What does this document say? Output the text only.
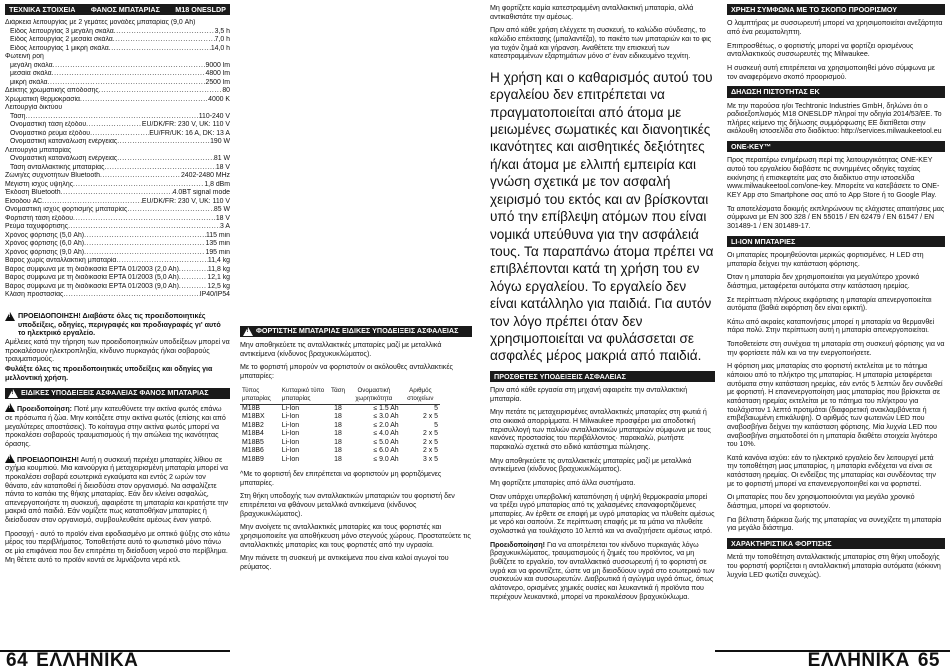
ΤΕΧΝΙΚΑ ΣΤΟΙΧΕΙΑ ΦΑΝΟΣ ΜΠΑΤΑΡΙΑΣ M18 ONESLDP
Διάρκεια λειτουργίας με 2 γεμάτες μονάδες μπαταρίας (9,0 Ah)
Είδος λειτουργίας 3 μεγάλη σκάλα .....	3,5 h
Είδος λειτουργίας 2 μεσαία σκάλα .....	7,0 h
Είδος λειτουργίας 1 μικρή σκάλα .....	14,0 h
Φωτεινή ροή
μεγάλη σκάλα .....	9000 lm
μεσαία σκάλα .....	4800 lm
μικρή σκάλα .....	2500 lm
Δείκτης χρωματικής απόδοσης .....	80
Χρωματική θερμοκρασία .....	4000 K
Λειτουργία δικτύου
Τάση .....	110-240 V
Ονομαστική τάση εξόδου .....	EU/DK/FR: 230 V, UK: 110 V
Ονομαστικό ρεύμα εξόδου .....	EU/FR/UK: 16 A, DK: 13 A
Ονομαστική κατανάλωση ενέργειας .....	190 W
Λειτουργία μπαταρίας
Ονομαστική κατανάλωση ενέργειας .....	81 W
Τάση ανταλλακτικής μπαταρίας .....	18 V
Ζώνη/ες συχνοτήτων Bluetooth .....	2402-2480 MHz
Μέγιστη ισχύς υψηλής .....	1,8 dBm
Έκδοση Bluetooth .....	4.0BT signal mode
Είσοδου AC .....	EU/DK/FR: 230 V, UK: 110 V
Ονομαστική ισχύς φορτισμής μπαταρίας .....	85 W
Φορτιστή τάση εξόδου .....	18 V
Ρεύμα ταχυφόρτισης .....	3 A
Χρόνος φόρτισης (5,0 Ah) .....	115 min
Χρόνος φόρτισης (6,0 Ah) .....	135 min
Χρόνος φόρτισης (9,0 Ah) .....	195 min
Βάρος χωρίς ανταλλακτική μπαταρία .....	11,4 kg
Βάρος σύμφωνα με τη διαδικασία EPTA 01/2003 (2,0 Ah) .....	11,8 kg
Βάρος σύμφωνα με τη διαδικασία EPTA 01/2003 (5,0 Ah) .....	12,1 kg
Βάρος σύμφωνα με τη διαδικασία EPTA 01/2003 (9,0 Ah) .....	12,5 kg
Κλάση προστασίας .....	IP40/IP54
!
ΠΡΟΕΙΔΟΠΟΙΗΣΗ! Διαβάστε όλες τις προειδοποιητικές υποδείξεις, οδηγίες, περιγραφές και προδιαγραφές γι' αυτό το ηλεκτρικό εργαλείο.

Αμέλειες κατά την τήρηση των προειδοποιητικών υποδείξεων μπορεί να προκαλέσουν ηλεκτροπληξία, κίνδυνο πυρκαγιάς ή/και σοβαρούς τραυματισμούς.

Φυλάξτε όλες τις προειδοποιητικές υποδείξεις και οδηγίες για μελλοντική χρήση.

!
ΕΙΔΙΚΕΣ ΥΠΟΔΕΙΞΕΙΣ ΑΣΦΑΛΕΙΑΣ ΦΑΝΟΣ ΜΠΑΤΑΡΙΑΣ

!Προειδοποίηση: Ποτέ μην κατευθύνετε την ακτίνα φωτός επάνω σε πρόσωπα ή ζώα. Μην κοιτάζετε στην ακτίνα φωτός (επίσης και από μεγαλύτερες αποστάσεις). Το κοίταγμα στην ακτίνα φωτός μπορεί να προκαλέσει σοβαρούς τραυματισμούς ή την απώλεια της ικανότητας όρασης.

!ΠΡΟΕΙΔΟΠΟΙΗΣΗ! Αυτή η συσκευή περιέχει μπαταρίες λίθιου σε σχήμα κουμπιού. Μια καινούργια ή μεταχειρισμένη μπαταρία μπορεί να προκαλέσει σοβαρά εσωτερικά εγκαύματα και εντός 2 ωρών τον θάνατο, εάν καταποθεί ή διεισδύσει στον οργανισμό. Να ασφαλίζετε πάντα το καπάκι της θήκης μπαταρίας. Εάν δεν κλείνει ασφαλώς, απενεργοποιήστε τη συσκευή, αφαιρέστε τη μπαταρία και κρατήστε την μακριά από παιδιά. Εάν νομίζετε πως καταποθήκαν μπαταρίες ή διείσδυσαν στον οργανισμό, συμβουλευθείτε αμέσως έναν γιατρό.

Προσοχή - αυτό το προϊόν είναι εφοδιασμένο με οπτικό ψύξης στο κάτω μέρος του περιβλήματος. Τοποθετήστε αυτό το φωτιστικό μόνο πάνω σε μία επιφάνεια που δεν επιτρέπει τη διείσδυση νερού στο περίβλημα. Μη θέτετε αυτό το προϊόν κοντά σε λιμνάζοντα νερά κτλ.

!
ΦΟΡΤΙΣΤΗΣ ΜΠΑΤΑΡΙΑΣ ΕΙΔΙΚΕΣ ΥΠΟΔΕΙΞΕΙΣ ΑΣΦΑΛΕΙΑΣ

Μην αποθηκεύετε τις ανταλλακτικές μπαταρίες μαζί με μεταλλικά αντικείμενα (κίνδυνος βραχυκυκλώματος).

Με το φορτιστή μπορούν να φορτιστούν οι ακόλουθες ανταλλακτικές μπαταρίες:

Τύπος μπαταρίας	Κυτταρικό τύπο μπαταρίας	Τάση	Ονομαστική χωρητικότητα	Αριθμός στοιχείων
M18B	Li-Ion	18	≤ 1.5 Ah	5
M18BX	Li-Ion	18	≤ 3.0 Ah	2 x 5
M18B2	Li-Ion	18	≤ 2.0 Ah	5
M18B4	Li-Ion	18	≤ 4.0 Ah	2 x 5
M18B5	Li-Ion	18	≤ 5.0 Ah	2 x 5
M18B6	Li-Ion	18	≤ 6.0 Ah	2 x 5
M18B9	Li-Ion	18	≤ 9.0 Ah	3 x 5

^Με το φορτιστή δεν επιτρέπεται να φορτιστούν μη φορτιζόμενες μπαταρίες.

Στη θήκη υποδοχής των ανταλλακτικών μπαταριών του φορτιστή δεν επιτρέπεται να φθάνουν μεταλλικά αντικείμενα (κίνδυνος βραχυκυκλώματος).

Μην ανοίγετε τις ανταλλακτικές μπαταρίες και τους φορτιστές και χρησιμοποιείτε για αποθήκευση μόνο στεγνούς χώρους. Προστατεύετε τις ανταλλακτικές μπαταρίες και τους φορτιστές από την υγρασία.

Μην πιάνετε τη συσκευή με αντικείμενα που είναι καλοί αγωγοί του ρεύματος.

Μη φορτίζετε καμία κατεστραμμένη ανταλλακτική μπαταρία, αλλά αντικαθιστάτε την αμέσως.

Πριν από κάθε χρήση ελέγχετε τη συσκευή, το καλώδιο σύνδεσης, το καλώδιο επέκτασης (μπαλαντέζα), το πακέτο των μπαταριών και το φις για τυχόν ζημιά και γήρανση. Αναθέτετε την επισκευή των κατεστραμμένων εξαρτημάτων μόνο σ' έναν ειδικευμένο τεχνίτη.

Η χρήση και ο καθαρισμός αυτού του εργαλείου δεν επιτρέπεται να πραγματοποιείται από άτομα με μειωμένες σωματικές και διανοητικές ικανότητες και αισθητικές δεξιότητες ή/και άτομα με ελλιπή εμπειρία και γνώση σχετικά με τον ασφαλή χειρισμό του εκτός και αν βρίσκονται υπό την επίβλεψη ατόμων που είναι νομικά υπεύθυνα για την ασφάλειά τους. Τα παραπάνω άτομα πρέπει να επιβλέπονται κατά τη χρήση του εν λόγω εργαλείου. Το εργαλείο δεν είναι κατάλληλο για παιδιά. Για αυτόν τον λόγο πρέπει όταν δεν χρησιμοποιείται να φυλάσσεται σε ασφαλές μέρος μακριά από παιδιά.
ΠΡΟΣΘΕΤΕΣ ΥΠΟΔΕΙΞΕΙΣ ΑΣΦΑΛΕΙΑΣ

Πριν από κάθε εργασία στη μηχανή αφαιρείτε την ανταλλακτική μπαταρία.

Μην πετάτε τις μεταχειρισμένες ανταλλακτικές μπαταρίες στη φωτιά ή στα οικιακά απορρίμματα. Η Milwaukee προσφέρει μια αποδοτική περισυλλογή των παλιών ανταλλακτικών μπαταριών σύμφωνα με τους κανόνες προστασίας του περιβάλλοντος· παρακαλώ, ρωτήστε παρακαλώ σχετικά στο ειδικό κατάστημα πώλησης.

Μην αποθηκεύετε τις ανταλλακτικές μπαταρίες μαζί με μεταλλικά αντικείμενα (κίνδυνος βραχυκυκλώματος).

Μη φορτίζετε μπαταρίες από άλλα συστήματα.

Όταν υπάρχει υπερβολική καταπόνηση ή υψηλή θερμοκρασία μπορεί να τρέξει υγρό μπαταρίας από τις χαλασμένες επαναφορτιζόμενες μπαταρίες. Αν έρθετε σε επαφή με υγρό μπαταρίας να πλυθείτε αμέσως με νερό και σαπούνι. Σε περίπτωση επαφής με τα μάτια να πλυθείτε σχολαστικά για τουλάχιστο 10 λεπτά και να αναζητήσετε αμέσως ιατρό.

Προειδοποίηση! Για να αποτρέπεται τον κίνδυνο πυρκαγιάς λόγω βραχυκυκλώματος, τραυματισμούς ή ζημιές του προϊόντος, να μη βυθίζετε το εργαλείο, τον ανταλλακτικό συσσωρευτή ή το φορτιστή σε υγρά και να φροντίζετε, ώστε να μη διεισδύουν υγρά στο εσωτερικό των συσκευών και συσσωρευτών. Διαβρωτικά ή αγώγιμα υγρά όπως, όπως αλάτονερο, ορισμένες χημικές ουσίες και λευκαντικά ή προϊόντα που περιέχουν λευκαντικά, μπορεί να προκαλέσουν βραχυκύκλωμα.

ΧΡΗΣΗ ΣΥΜΦΩΝΑ ΜΕ ΤΟ ΣΚΟΠΟ ΠΡΟΟΡΙΣΜΟΥ

Ο λαμπτήρας με συσσωρευτή μπορεί να χρησιμοποιείται ανεξάρτητα από ένα ρευματοληπτη.

Επιπροσθέτως, ο φορτιστής μπορεί να φορτίζει ορισμένους ανταλλακτικούς συσσωρευτές της Milwaukee.

Η συσκευή αυτή επιτρέπεται να χρησιμοποιηθεί μόνο σύμφωνα με τον αναφερόμενο σκοπό προορισμού.

ΔΗΛΩΣΗ ΠΙΣΤΟΤΗΤΑΣ ΕΚ

Με την παρούσα η/οι Techtronic Industries GmbH, δηλώνει ότι ο ραδιοεξοπλισμός M18 ONESLDP πληροί την οδηγία 2014/53/ΕΕ. Το πλήρες κείμενο της δήλωσης συμμόρφωσης ΕΕ διατίθεται στην ακόλουθη ιστοσελίδα στο διαδίκτυο: http://services.milwaukeetool.eu

ONE-KEY™

Προς περαιτέρω ενημέρωση περί της λειτουργικότητας ONE-KEY αυτού του εργαλείου διαβάστε τις συνημμένες οδηγίες ταχείας εκκίνησης ή επισκεφτείτε μας στο διαδίκτυο στην ιστοσελίδα www.milwaukeetool.com/one-key. Μπορείτε να κατεβάσετε το ONE-KEY App στο Smartphone σας από το App Store ή το Google Play.

Τα αποτελέσματα δοκιμής εκπληρώνουν τις ελάχιστες απαιτήσεις μας σύμφωνα με EN 300 328 / EN 55015 / EN 62479 / EN 61547 / EN 301489-1 / EN 301489-17.

LI-ION ΜΠΑΤΑΡΙΕΣ

Οι μπαταρίες προμηθεύονται μερικώς φορτισμένες. Η LED στη μπαταρία δείχνει την κατάσταση φόρτισης.

Όταν η μπαταρία δεν χρησιμοποιείται για μεγαλύτερο χρονικό διάστημα, μεταφέρεται αυτόματα στην κατάσταση ηρεμίας.

Σε περίπτωση πλήρους εκφόρτισης η μπαταρία απενεργοποιείται αυτόματα (βαθιά εκφόρτιση δεν είναι εφικτή).

Κάτω από ακραίες καταπονήσεις μπορεί η μπαταρία να θερμανθεί πάρα πολύ. Στην περίπτωση αυτή η μπαταρία απενεργοποιείται.

Τοποθετείστε στη συνέχεια τη μπαταρία στη συσκευή φόρτισης για να την φορτίσετε πάλι και να την ενεργοποιήσετε.

Η φόρτιση μιας μπαταρίας στο φορτιστή εκτελείται με το πάτημα κάποιου από το πλήκτρο της μπαταρίας. Η μπαταρία μεταφέρεται αυτόματα στην κατάσταση ηρεμίας, εάν εντός 5 λεπτών δεν συνδεθεί με φορτιστή. Η επανενεργοποίηση μιας μπαταρίας που βρίσκεται σε κατάσταση ηρεμίας εκτελείται με το πάτημα του πλήκτρου για τουλάχιστον 1 λεπτό προτιμάται (διαφορετική ανακλαμβάνεται ή επιβεβαιωμένη επικάλυψη). Ο αριθμός των φωτεινών LED που αναβοσβήνει δείχνει την κατάσταση φόρτισης. Μία λυχνία LED που αναβοσβήνει σηματοδοτεί ότι η μπαταρία διαθέτει στοιχεία λιγότερο του 10%.

Κατά κανόνα ισχύει: εάν το ηλεκτρικό εργαλείο δεν λειτουργεί μετά την τοποθέτηση μιας μπαταρίας, η μπαταρία ενδέχεται να είναι σε κατάσταση ηρεμίας. Οι ενδείξεις της μπαταρίας και συνδέοντας την με το φορτιστή μπορεί να επανενεργοποιηθεί και να φορτιστεί.

Οι μπαταρίες που δεν χρησιμοποιούνται για μεγάλο χρονικό διάστημα, μπορεί να φορτιστούν.

Για βέλτιστη διάρκεια ζωής της μπαταρίας να συνεχίζετε τη μπαταρία για μεγάλο διάστημα.

ΧΑΡΑΚΤΗΡΙΣΤΙΚΑ ΦΟΡΤΙΣΗΣ

Μετά την τοποθέτηση ανταλλακτικής μπαταρίας στη θήκη υποδοχής του φορτιστή φορτίζεται η ανταλλακτική μπαταρία αυτόματα (κόκκινη λυχνία LED φωτίζει συνεχώς).

64 ΕΛΛΗΝΙΚΑ	ΕΛΛΗΝΙΚΑ 65
